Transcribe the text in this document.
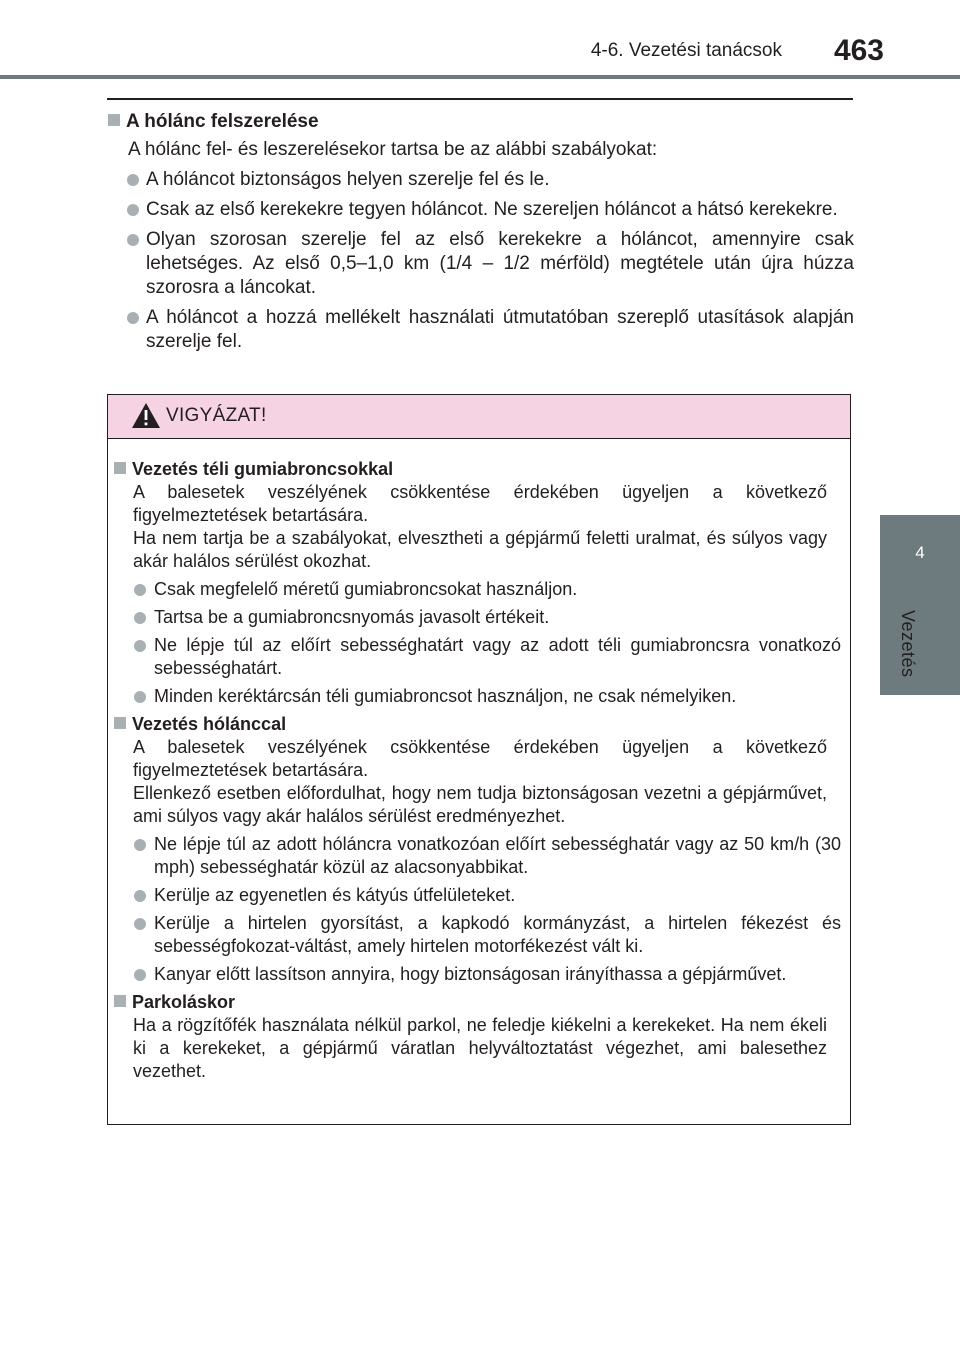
4-6. Vezetési tanácsok 463
4
Vezetés
A hólánc felszerelése
A hólánc fel- és leszerelésekor tartsa be az alábbi szabályokat:
A hóláncot biztonságos helyen szerelje fel és le.
Csak az első kerekekre tegyen hóláncot. Ne szereljen hóláncot a hátsó kerekekre.
Olyan szorosan szerelje fel az első kerekekre a hóláncot, amennyire csak lehetséges. Az első 0,5–1,0 km (1/4 – 1/2 mérföld) megtétele után újra húzza szorosra a láncokat.
A hóláncot a hozzá mellékelt használati útmutatóban szereplő utasítások alapján szerelje fel.
VIGYÁZAT!
Vezetés téli gumiabroncsokkal
A balesetek veszélyének csökkentése érdekében ügyeljen a következő figyelmeztetések betartására.
Ha nem tartja be a szabályokat, elvesztheti a gépjármű feletti uralmat, és súlyos vagy akár halálos sérülést okozhat.
Csak megfelelő méretű gumiabroncsokat használjon.
Tartsa be a gumiabroncsnyomás javasolt értékeit.
Ne lépje túl az előírt sebességhatárt vagy az adott téli gumiabroncsra vonatkozó sebességhatárt.
Minden keréktárcsán téli gumiabroncsot használjon, ne csak némelyiken.
Vezetés hólánccal
A balesetek veszélyének csökkentése érdekében ügyeljen a következő figyelmeztetések betartására.
Ellenkező esetben előfordulhat, hogy nem tudja biztonságosan vezetni a gépjárművet, ami súlyos vagy akár halálos sérülést eredményezhet.
Ne lépje túl az adott hóláncra vonatkozóan előírt sebességhatár vagy az 50 km/h (30 mph) sebességhatár közül az alacsonyabbikat.
Kerülje az egyenetlen és kátyús útfelületeket.
Kerülje a hirtelen gyorsítást, a kapkodó kormányzást, a hirtelen fékezést és sebességfokozat-váltást, amely hirtelen motorfékezést vált ki.
Kanyar előtt lassítson annyira, hogy biztonságosan irányíthassa a gépjárművet.
Parkoláskor
Ha a rögzítőfék használata nélkül parkol, ne feledje kiékelni a kerekeket. Ha nem ékeli ki a kerekeket, a gépjármű váratlan helyváltoztatást végezhet, ami balesethez vezethet.
